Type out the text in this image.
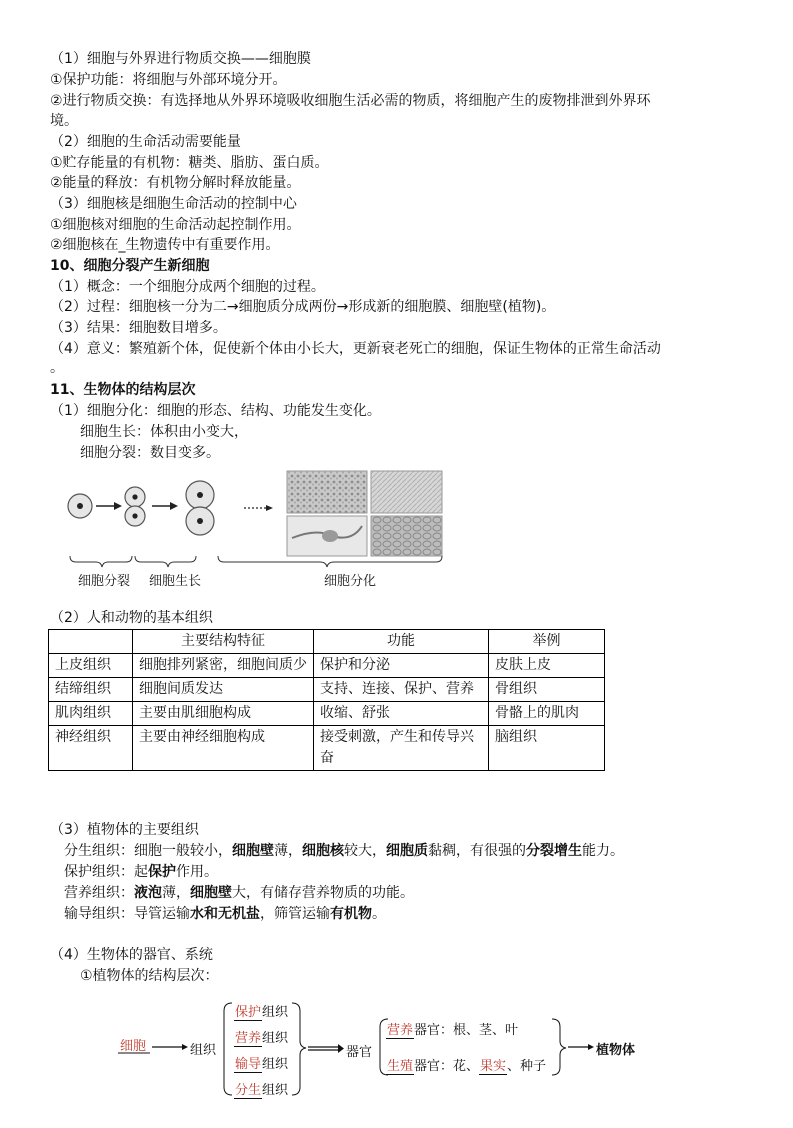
（1）细胞与外界进行物质交换——细胞膜
①保护功能：将细胞与外部环境分开。
②进行物质交换：有选择地从外界环境吸收细胞生活必需的物质，将细胞产生的废物排泄到外界环
境。
（2）细胞的生命活动需要能量
①贮存能量的有机物：糖类、脂肪、蛋白质。
②能量的释放：有机物分解时释放能量。
（3）细胞核是细胞生命活动的控制中心
①细胞核对细胞的生命活动起控制作用。
②细胞核在_生物遗传中有重要作用。
10、细胞分裂产生新细胞
（1）概念：一个细胞分成两个细胞的过程。
（2）过程：细胞核一分为二→细胞质分成两份→形成新的细胞膜、细胞壁(植物)。
（3）结果：细胞数目增多。
（4）意义：繁殖新个体，促使新个体由小长大，更新衰老死亡的细胞，保证生物体的正常生命活动
。
11、生物体的结构层次
（1）细胞分化：细胞的形态、结构、功能发生变化。
细胞生长：体积由小变大，
细胞分裂：数目变多。
细胞分裂 细胞生长	细胞分化
（2）人和动物的基本组织
	主要结构特征	功能	举例
上皮组织	细胞排列紧密，细胞间质少	保护和分泌	皮肤上皮
结缔组织	细胞间质发达	支持、连接、保护、营养	骨组织
肌肉组织	主要由肌细胞构成	收缩、舒张	骨骼上的肌肉
神经组织	主要由神经细胞构成	接受刺激，产生和传导兴奋	脑组织
（3）植物体的主要组织
分生组织：细胞一般较小，细胞壁薄，细胞核较大，细胞质黏稠，有很强的分裂增生能力。
保护组织：起保护作用。
营养组织：液泡薄，细胞壁大，有储存营养物质的功能。
输导组织：导管运输水和无机盐，筛管运输有机物。
（4）生物体的器官、系统
①植物体的结构层次：
细胞	组织
保护组织
营养组织
输导组织
分生组织
器官
营养器官：根、茎、叶
生殖器官：花、果实、种子
植物体
